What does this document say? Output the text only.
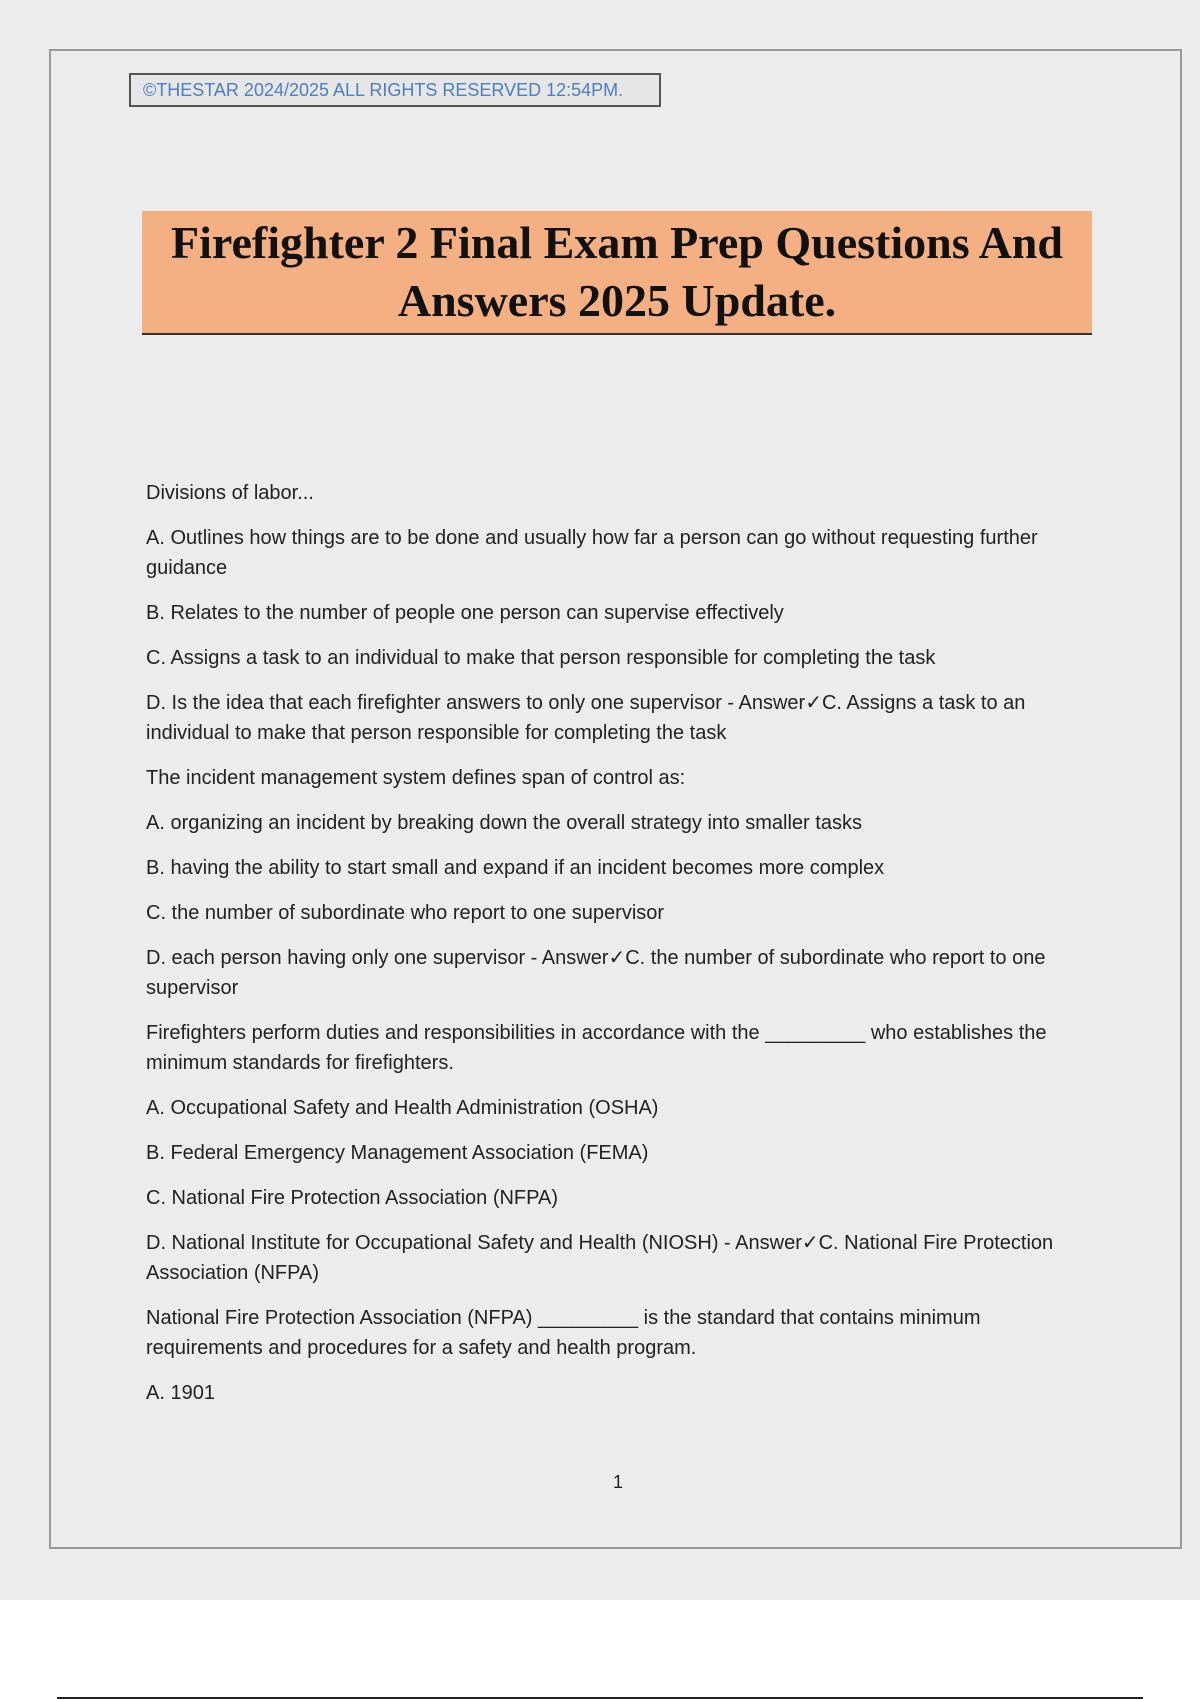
©THESTAR 2024/2025 ALL RIGHTS RESERVED 12:54PM.
Firefighter 2 Final Exam Prep Questions And
Answers 2025 Update.

Divisions of labor...

A. Outlines how things are to be done and usually how far a person can go without requesting further guidance

B. Relates to the number of people one person can supervise effectively

C. Assigns a task to an individual to make that person responsible for completing the task

D. Is the idea that each firefighter answers to only one supervisor - Answer✓C. Assigns a task to an individual to make that person responsible for completing the task

The incident management system defines span of control as:

A. organizing an incident by breaking down the overall strategy into smaller tasks

B. having the ability to start small and expand if an incident becomes more complex

C. the number of subordinate who report to one supervisor

D. each person having only one supervisor - Answer✓C. the number of subordinate who report to one supervisor

Firefighters perform duties and responsibilities in accordance with the _________ who establishes the minimum standards for firefighters.

A. Occupational Safety and Health Administration (OSHA)

B. Federal Emergency Management Association (FEMA)

C. National Fire Protection Association (NFPA)

D. National Institute for Occupational Safety and Health (NIOSH) - Answer✓C. National Fire Protection Association (NFPA)

National Fire Protection Association (NFPA) _________ is the standard that contains minimum requirements and procedures for a safety and health program.

A. 1901

1
